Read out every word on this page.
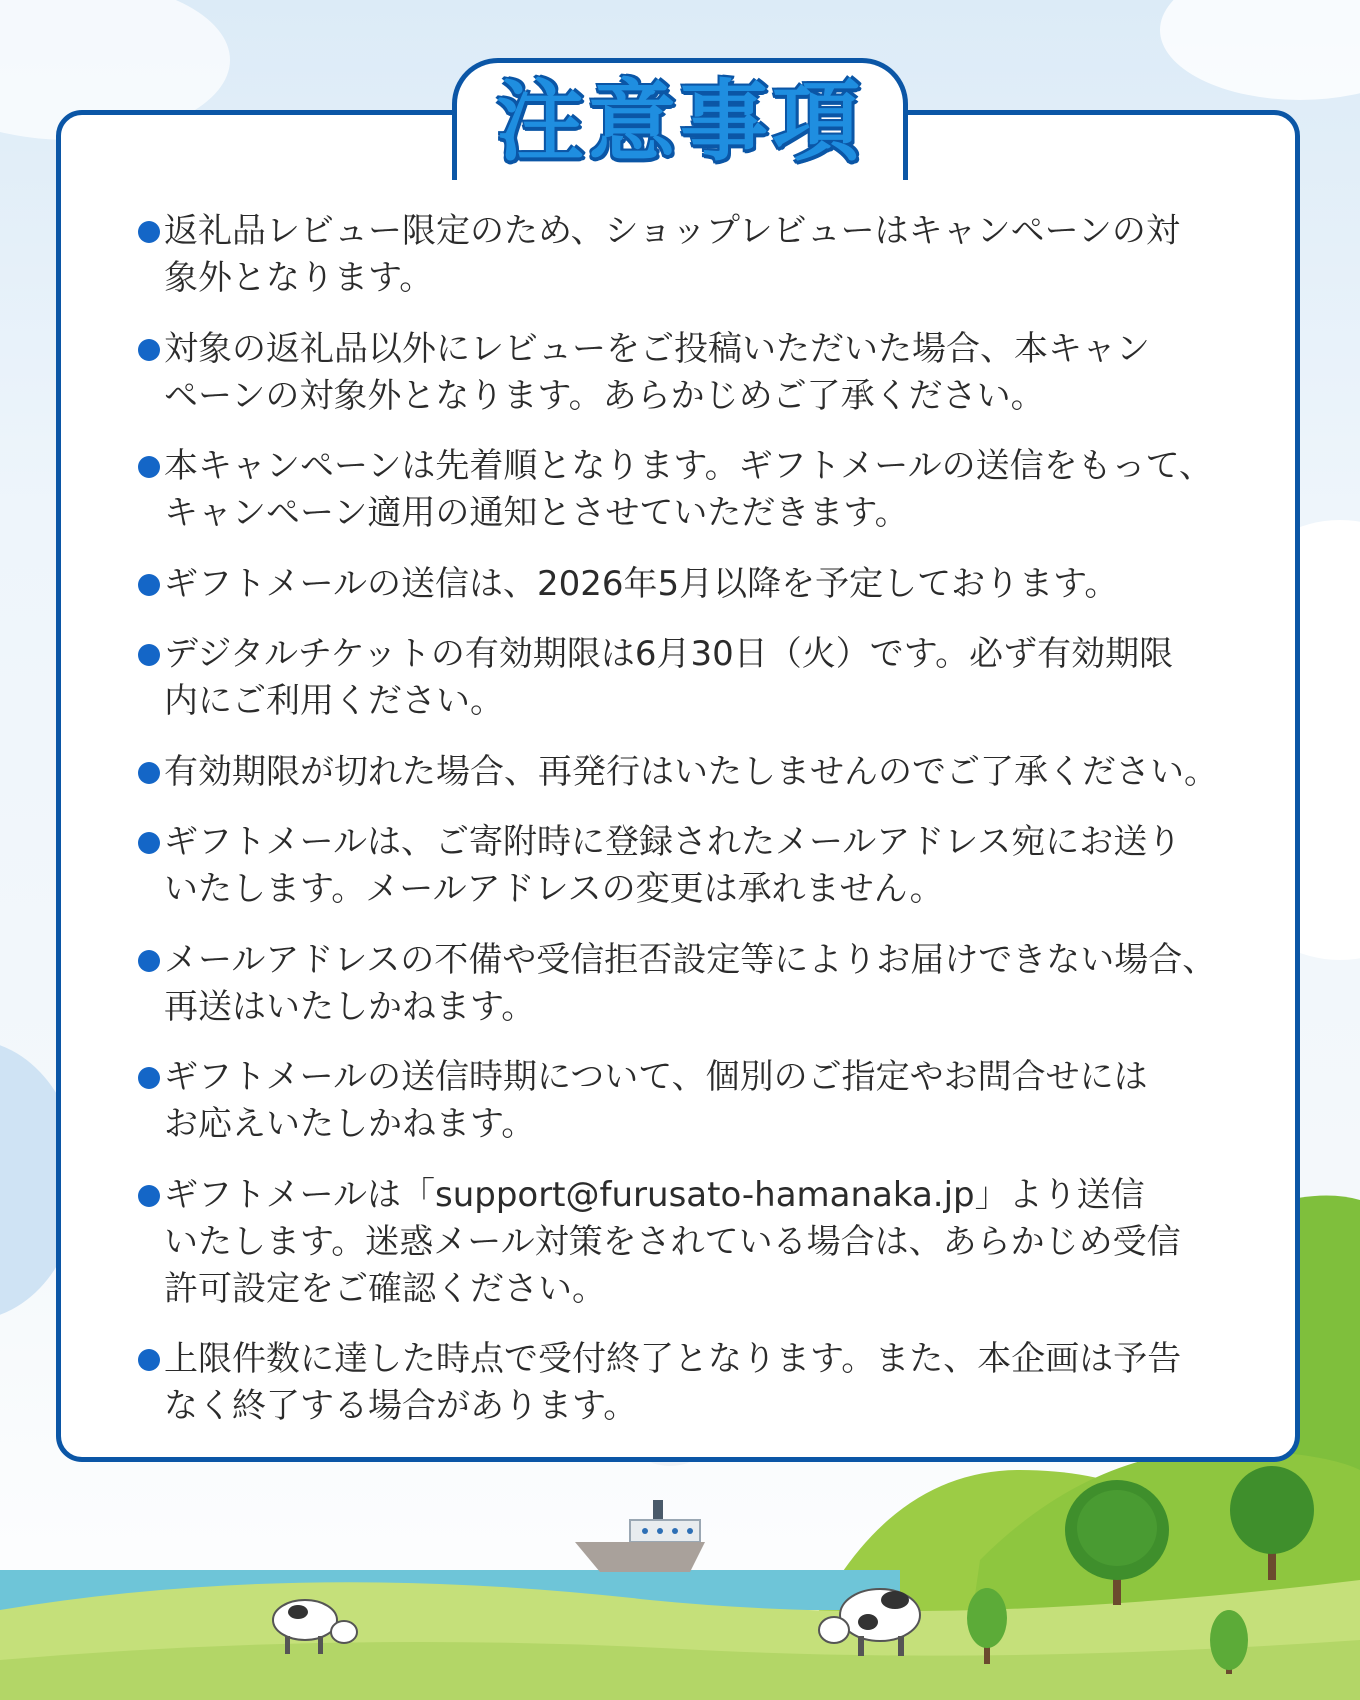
注意事項
返礼品レビュー限定のため、ショップレビューはキャンペーンの対
象外となります。
対象の返礼品以外にレビューをご投稿いただいた場合、本キャン
ペーンの対象外となります。あらかじめご了承ください。
本キャンペーンは先着順となります。ギフトメールの送信をもって、
キャンペーン適用の通知とさせていただきます。
ギフトメールの送信は、2026年5月以降を予定しております。
デジタルチケットの有効期限は6月30日（火）です。必ず有効期限
内にご利用ください。
有効期限が切れた場合、再発行はいたしませんのでご了承ください。
ギフトメールは、ご寄附時に登録されたメールアドレス宛にお送り
いたします。メールアドレスの変更は承れません。
メールアドレスの不備や受信拒否設定等によりお届けできない場合、
再送はいたしかねます。
ギフトメールの送信時期について、個別のご指定やお問合せには
お応えいたしかねます。
ギフトメールは「support@furusato-hamanaka.jp」より送信
いたします。迷惑メール対策をされている場合は、あらかじめ受信
許可設定をご確認ください。
上限件数に達した時点で受付終了となります。また、本企画は予告
なく終了する場合があります。
